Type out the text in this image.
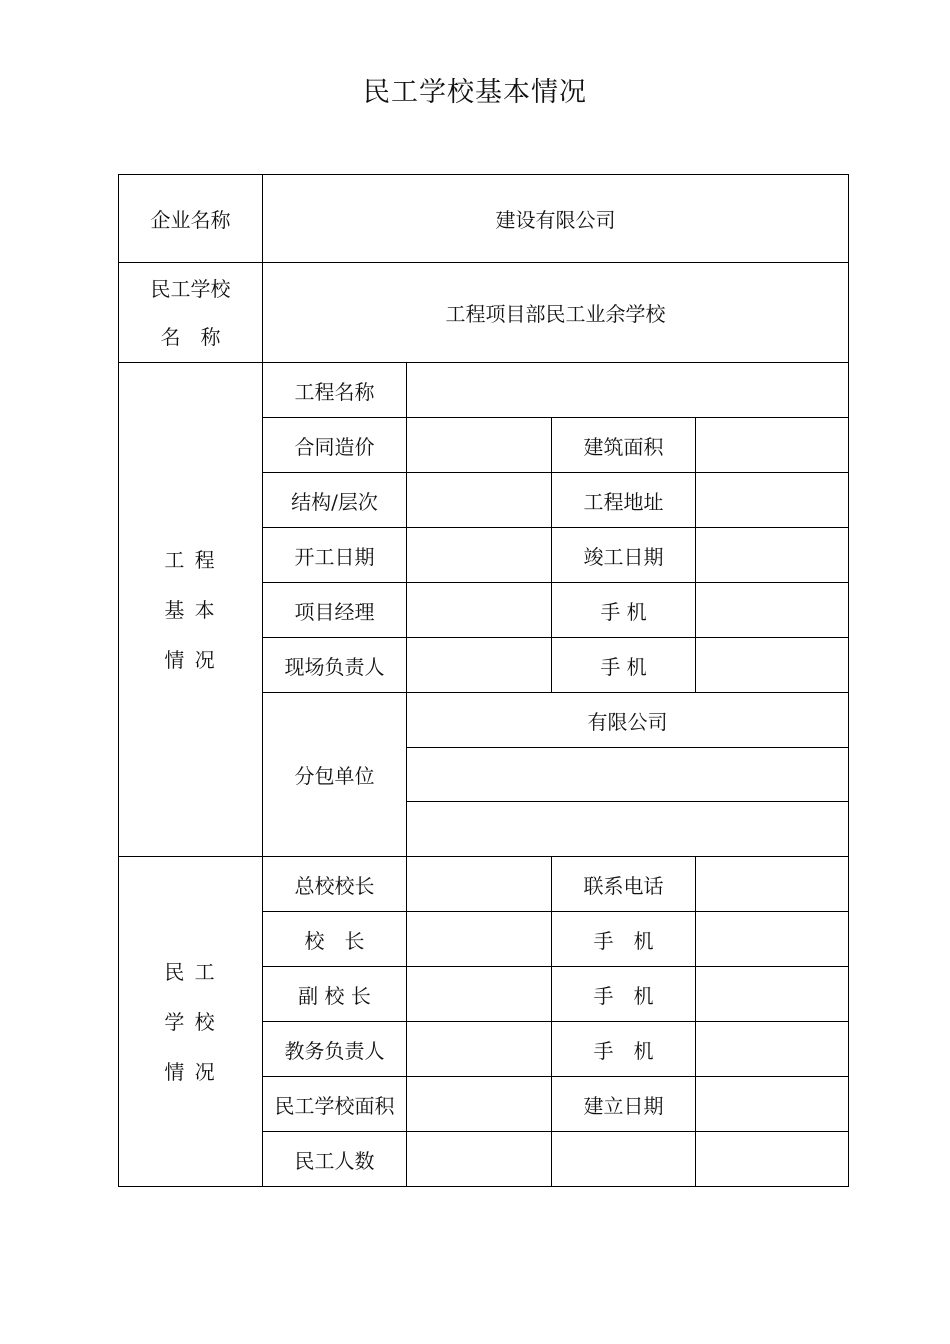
民工学校基本情况
企业名称	建设有限公司			

民工学校
名　称	工程项目部民工业余学校			

工 程
基 本
情 况	工程名称			
	合同造价		建筑面积	
	结构/层次		工程地址	
	开工日期		竣工日期	
	项目经理		手 机	
	现场负责人		手 机	
	分包单位	有限公司		

民 工
学 校
情 况	总校校长		联系电话	
	校　长		手　机	
	副 校 长		手　机	
	教务负责人		手　机	
	民工学校面积		建立日期	
	民工人数			
